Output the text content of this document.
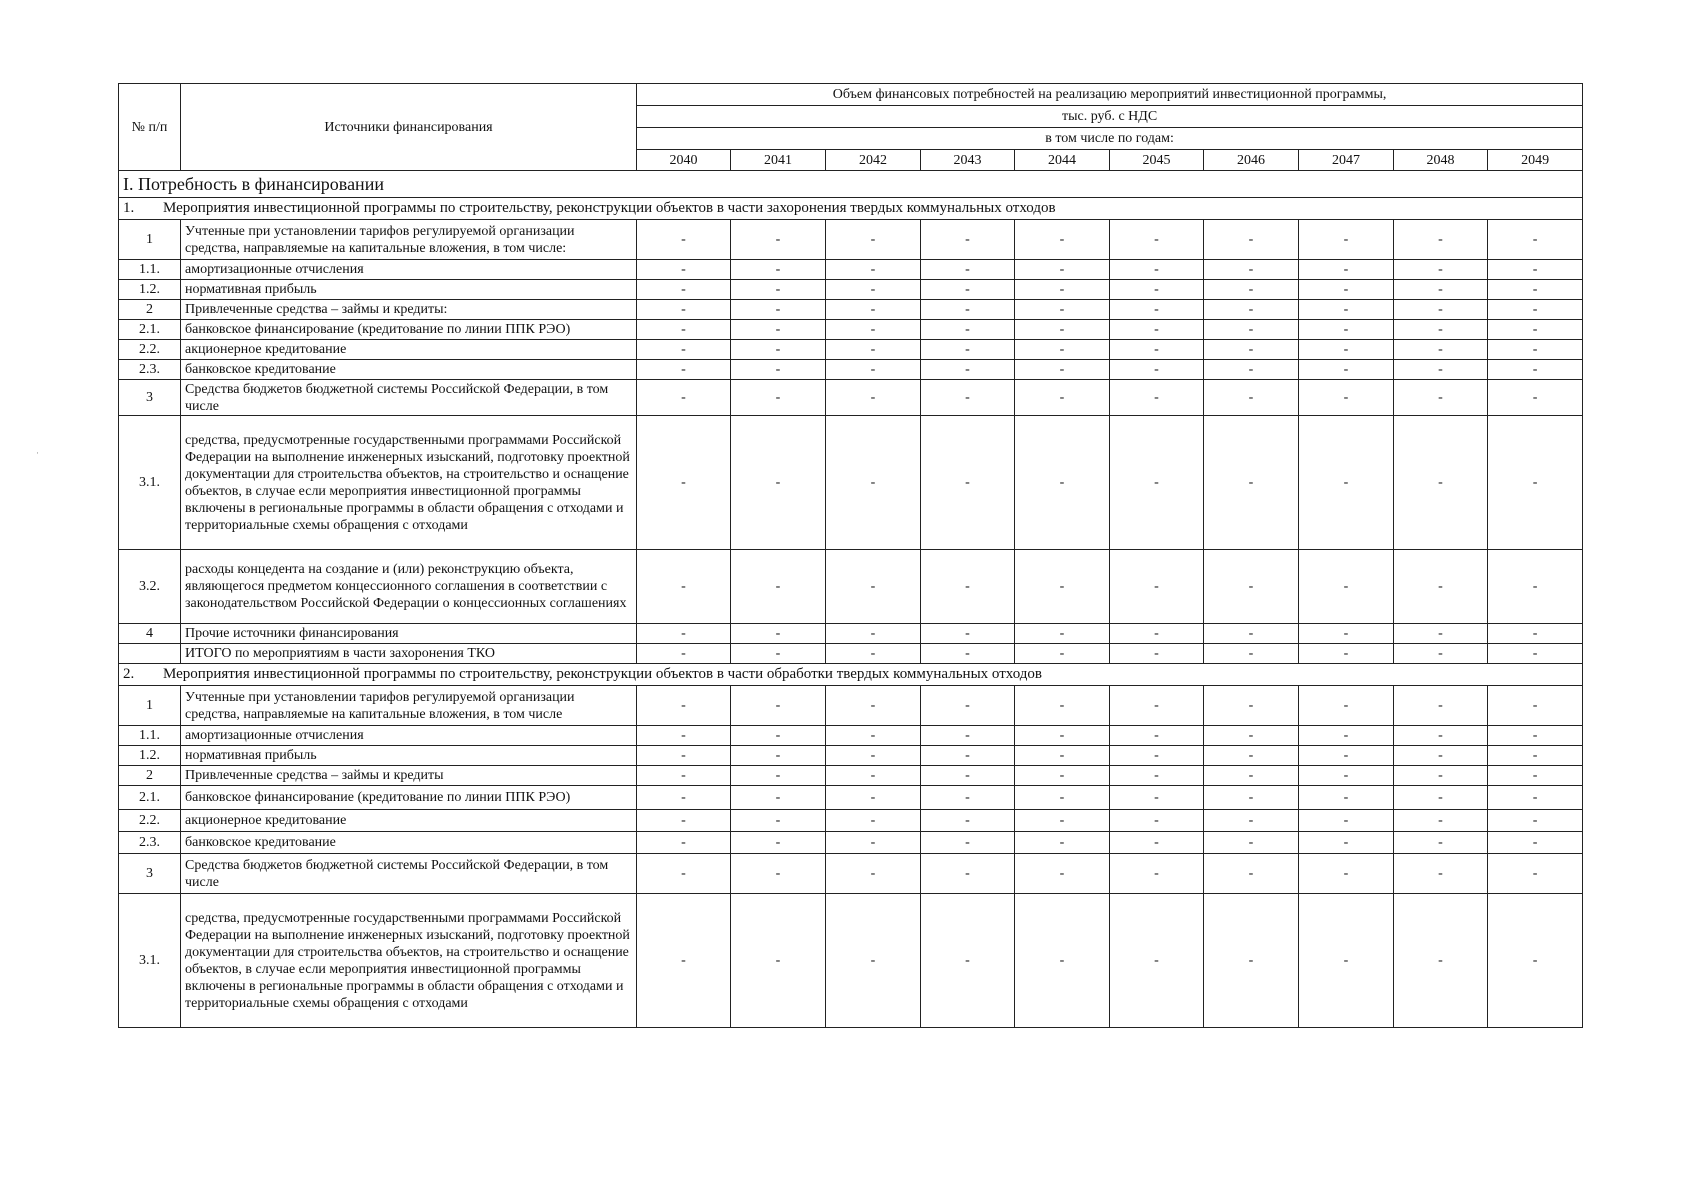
№ п/п	Источники финансирования	Объем финансовых потребностей на реализацию мероприятий инвестиционной программы,									
		тыс. руб. с НДС									
		в том числе по годам:									
		2040	2041	2042	2043	2044	2045	2046	2047	2048	2049
I. Потребность в финансировании											
1. Мероприятия инвестиционной программы по строительству, реконструкции объектов в части захоронения твердых коммунальных отходов											
1	Учтенные при установлении тарифов регулируемой организации средства, направляемые на капитальные вложения, в том числе:	-	-	-	-	-	-	-	-	-	-
1.1.	амортизационные отчисления	-	-	-	-	-	-	-	-	-	-
1.2.	нормативная прибыль	-	-	-	-	-	-	-	-	-	-
2	Привлеченные средства – займы и кредиты:	-	-	-	-	-	-	-	-	-	-
2.1.	банковское финансирование (кредитование по линии ППК РЭО)	-	-	-	-	-	-	-	-	-	-
2.2.	акционерное кредитование	-	-	-	-	-	-	-	-	-	-
2.3.	банковское кредитование	-	-	-	-	-	-	-	-	-	-
3	Средства бюджетов бюджетной системы Российской Федерации, в том числе	-	-	-	-	-	-	-	-	-	-
3.1.	средства, предусмотренные государственными программами Российской Федерации на выполнение инженерных изысканий, подготовку проектной документации для строительства объектов, на строительство и оснащение объектов, в случае если мероприятия инвестиционной программы включены в региональные программы в области обращения с отходами и территориальные схемы обращения с отходами	-	-	-	-	-	-	-	-	-	-
3.2.	расходы концедента на создание и (или) реконструкцию объекта, являющегося предметом концессионного соглашения в соответствии с законодательством Российской Федерации о концессионных соглашениях	-	-	-	-	-	-	-	-	-	-
4	Прочие источники финансирования	-	-	-	-	-	-	-	-	-	-
	ИТОГО по мероприятиям в части захоронения ТКО	-	-	-	-	-	-	-	-	-	-
2. Мероприятия инвестиционной программы по строительству, реконструкции объектов в части обработки твердых коммунальных отходов											
1	Учтенные при установлении тарифов регулируемой организации средства, направляемые на капитальные вложения, в том числе	-	-	-	-	-	-	-	-	-	-
1.1.	амортизационные отчисления	-	-	-	-	-	-	-	-	-	-
1.2.	нормативная прибыль	-	-	-	-	-	-	-	-	-	-
2	Привлеченные средства – займы и кредиты	-	-	-	-	-	-	-	-	-	-
2.1.	банковское финансирование (кредитование по линии ППК РЭО)	-	-	-	-	-	-	-	-	-	-
2.2.	акционерное кредитование	-	-	-	-	-	-	-	-	-	-
2.3.	банковское кредитование	-	-	-	-	-	-	-	-	-	-
3	Средства бюджетов бюджетной системы Российской Федерации, в том числе	-	-	-	-	-	-	-	-	-	-
3.1.	средства, предусмотренные государственными программами Российской Федерации на выполнение инженерных изысканий, подготовку проектной документации для строительства объектов, на строительство и оснащение объектов, в случае если мероприятия инвестиционной программы включены в региональные программы в области обращения с отходами и территориальные схемы обращения с отходами	-	-	-	-	-	-	-	-	-	-
·
